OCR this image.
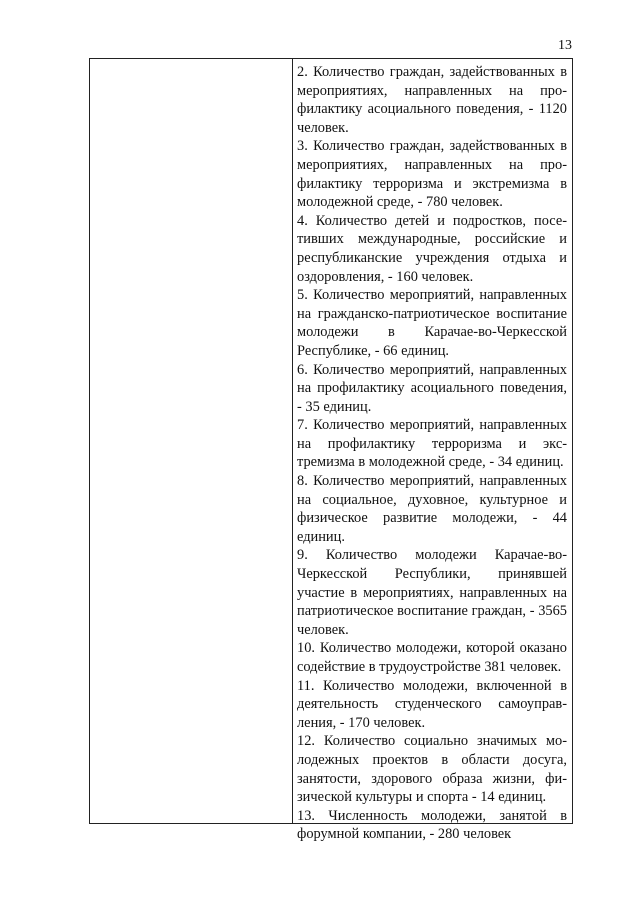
13

2. Количество граждан, задействованных в мероприятиях, направленных на профилактику асоциального поведения, - 1120 человек.

3. Количество граждан, задействованных в мероприятиях, направленных на профилактику терроризма и экстремизма в молодежной среде, - 780 человек.

4. Количество детей и подростков, посетивших международные, российские и республиканские учреждения отдыха и оздоровления, - 160 человек.

5. Количество мероприятий, направленных на гражданско-патриотическое воспитание молодежи в Карачае-во-Черкесской Республике, - 66 единиц.

6. Количество мероприятий, направленных на профилактику асоциального поведения, - 35 единиц.

7. Количество мероприятий, направленных на профилактику терроризма и экстремизма в молодежной среде, - 34 единиц.

8. Количество мероприятий, направленных на социальное, духовное, культурное и физическое развитие молодежи, - 44 единиц.

9. Количество молодежи Карачае-во-Черкесской Республики, принявшей участие в мероприятиях, направленных на патриотическое воспитание граждан, - 3565 человек.

10. Количество молодежи, которой оказано содействие в трудоустройстве 381 человек.

11. Количество молодежи, включенной в деятельность студенческого самоуправления, - 170 человек.

12. Количество социально значимых молодежных проектов в области досуга, занятости, здорового образа жизни, физической культуры и спорта - 14 единиц.

13. Численность молодежи, занятой в форумной компании, - 280 человек
